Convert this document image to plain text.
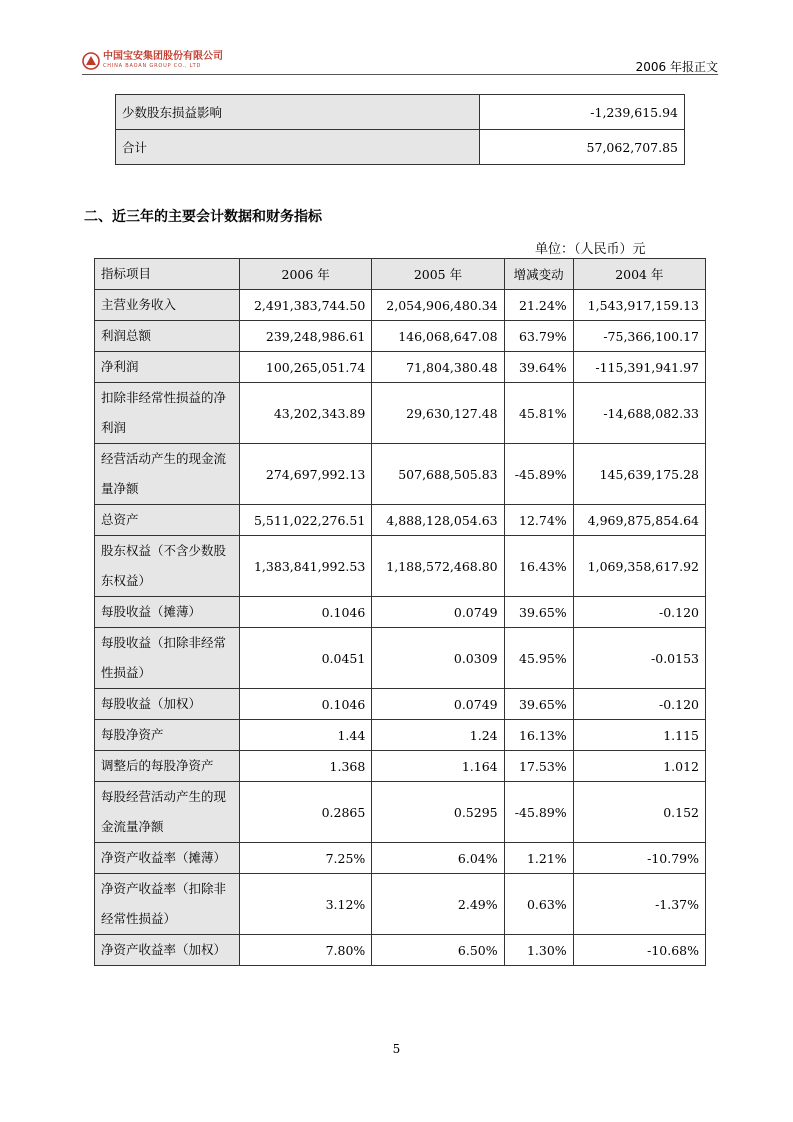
中国宝安集团股份有限公司
CHINA BAOAN GROUP CO., LTD	2006 年报正文
少数股东损益影响	-1,239,615.94
合计	57,062,707.85
二、近三年的主要会计数据和财务指标
单位：（人民币）元
指标项目	2006 年	2005 年	增减变动	2004 年
主营业务收入	2,491,383,744.50	2,054,906,480.34	21.24%	1,543,917,159.13
利润总额	239,248,986.61	146,068,647.08	63.79%	-75,366,100.17
净利润	100,265,051.74	71,804,380.48	39.64%	-115,391,941.97
扣除非经常性损益的净利润	43,202,343.89	29,630,127.48	45.81%	-14,688,082.33
经营活动产生的现金流量净额	274,697,992.13	507,688,505.83	-45.89%	145,639,175.28
总资产	5,511,022,276.51	4,888,128,054.63	12.74%	4,969,875,854.64
股东权益（不含少数股东权益）	1,383,841,992.53	1,188,572,468.80	16.43%	1,069,358,617.92
每股收益（摊薄）	0.1046	0.0749	39.65%	-0.120
每股收益（扣除非经常性损益）	0.0451	0.0309	45.95%	-0.0153
每股收益（加权）	0.1046	0.0749	39.65%	-0.120
每股净资产	1.44	1.24	16.13%	1.115
调整后的每股净资产	1.368	1.164	17.53%	1.012
每股经营活动产生的现金流量净额	0.2865	0.5295	-45.89%	0.152
净资产收益率（摊薄）	7.25%	6.04%	1.21%	-10.79%
净资产收益率（扣除非经常性损益）	3.12%	2.49%	0.63%	-1.37%
净资产收益率（加权）	7.80%	6.50%	1.30%	-10.68%
5
